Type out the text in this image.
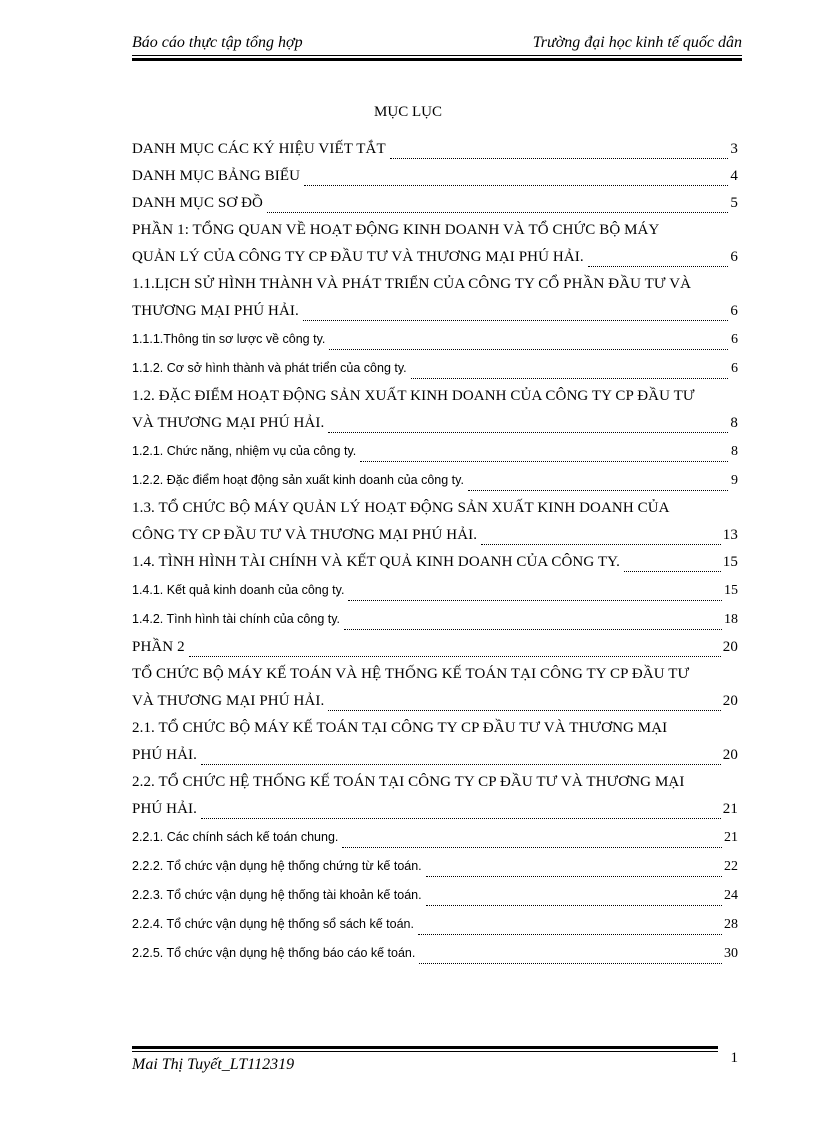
Báo cáo thực tập tổng hợp	Trường đại học kinh tế quốc dân
MỤC LỤC
DANH MỤC CÁC KÝ HIỆU VIẾT TẮT	3
DANH MỤC BẢNG BIỂU	4
DANH MỤC SƠ ĐỒ	5
PHẦN 1: TỔNG QUAN VỀ HOẠT ĐỘNG KINH DOANH VÀ TỔ CHỨC BỘ MÁY
QUẢN LÝ CỦA CÔNG TY CP ĐẦU TƯ VÀ THƯƠNG MẠI PHÚ HẢI.	6
1.1.LỊCH SỬ HÌNH THÀNH VÀ PHÁT TRIỂN CỦA CÔNG TY CỔ PHẦN ĐẦU TƯ VÀ
THƯƠNG MẠI PHÚ HẢI.	6
1.1.1.Thông tin sơ lược về công ty.	6
1.1.2. Cơ sở hình thành và phát triển của công ty.	6
1.2. ĐẶC ĐIỂM HOẠT ĐỘNG SẢN XUẤT KINH DOANH CỦA CÔNG TY CP ĐẦU TƯ
VÀ THƯƠNG MẠI PHÚ HẢI.	8
1.2.1. Chức năng, nhiệm vụ của công ty.	8
1.2.2. Đặc điểm hoạt động sản xuất kinh doanh của công ty.	9
1.3. TỔ CHỨC BỘ MÁY QUẢN LÝ HOẠT ĐỘNG SẢN XUẤT KINH DOANH CỦA
CÔNG TY CP ĐẦU TƯ VÀ THƯƠNG MẠI PHÚ HẢI.	13
1.4. TÌNH HÌNH TÀI CHÍNH VÀ KẾT QUẢ KINH DOANH CỦA CÔNG TY.	15
1.4.1. Kết quả kinh doanh của công ty.	15
1.4.2. Tình hình tài chính của công ty.	18
PHẦN 2	20
TỔ CHỨC BỘ MÁY KẾ TOÁN VÀ HỆ THỐNG KẾ TOÁN TẠI CÔNG TY CP ĐẦU TƯ
VÀ THƯƠNG MẠI PHÚ HẢI.	20
2.1. TỔ CHỨC BỘ MÁY KẾ TOÁN TẠI CÔNG TY CP ĐẦU TƯ VÀ THƯƠNG MẠI
PHÚ HẢI.	20
2.2. TỔ CHỨC HỆ THỐNG KẾ TOÁN TẠI CÔNG TY CP ĐẦU TƯ VÀ THƯƠNG MẠI
PHÚ HẢI.	21
2.2.1. Các chính sách kế toán chung.	21
2.2.2. Tổ chức vận dụng hệ thống chứng từ kế toán.	22
2.2.3. Tổ chức vận dụng hệ thống tài khoản kế toán.	24
2.2.4. Tổ chức vận dụng hệ thống sổ sách kế toán.	28
2.2.5. Tổ chức vận dụng hệ thống báo cáo kế toán.	30
Mai Thị Tuyết_LT112319	1
